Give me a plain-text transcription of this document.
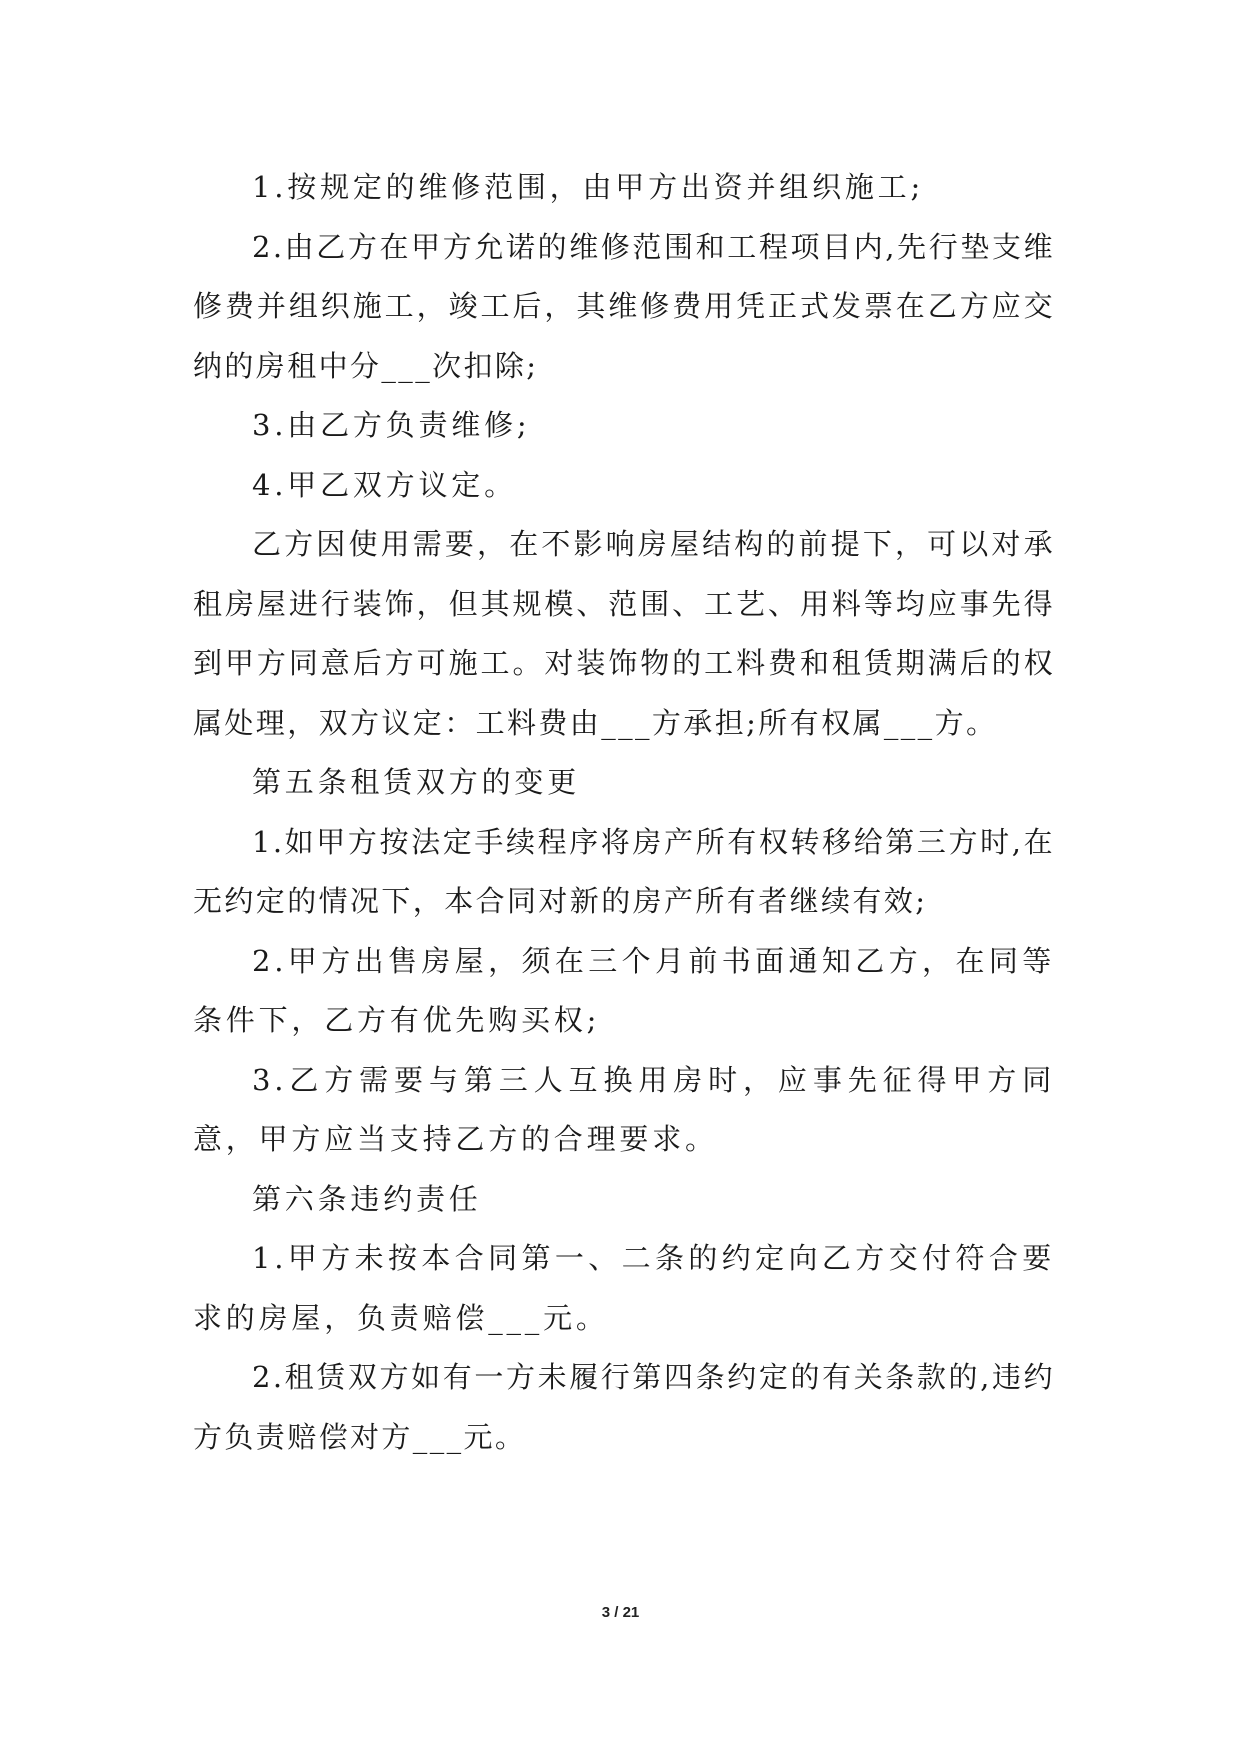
1.按规定的维修范围，由甲方出资并组织施工;

2.由乙方在甲方允诺的维修范围和工程项目内,先行垫支维修费并组织施工，竣工后，其维修费用凭正式发票在乙方应交纳的房租中分___次扣除;

3.由乙方负责维修;

4.甲乙双方议定。

乙方因使用需要，在不影响房屋结构的前提下，可以对承租房屋进行装饰，但其规模、范围、工艺、用料等均应事先得到甲方同意后方可施工。对装饰物的工料费和租赁期满后的权属处理，双方议定：工料费由___方承担;所有权属___方。

第五条租赁双方的变更

1.如甲方按法定手续程序将房产所有权转移给第三方时,在无约定的情况下，本合同对新的房产所有者继续有效;

2.甲方出售房屋，须在三个月前书面通知乙方，在同等条件下，乙方有优先购买权;

3.乙方需要与第三人互换用房时，应事先征得甲方同意，甲方应当支持乙方的合理要求。

第六条违约责任

1.甲方未按本合同第一、二条的约定向乙方交付符合要求的房屋，负责赔偿___元。

2.租赁双方如有一方未履行第四条约定的有关条款的,违约方负责赔偿对方___元。

3 / 21
